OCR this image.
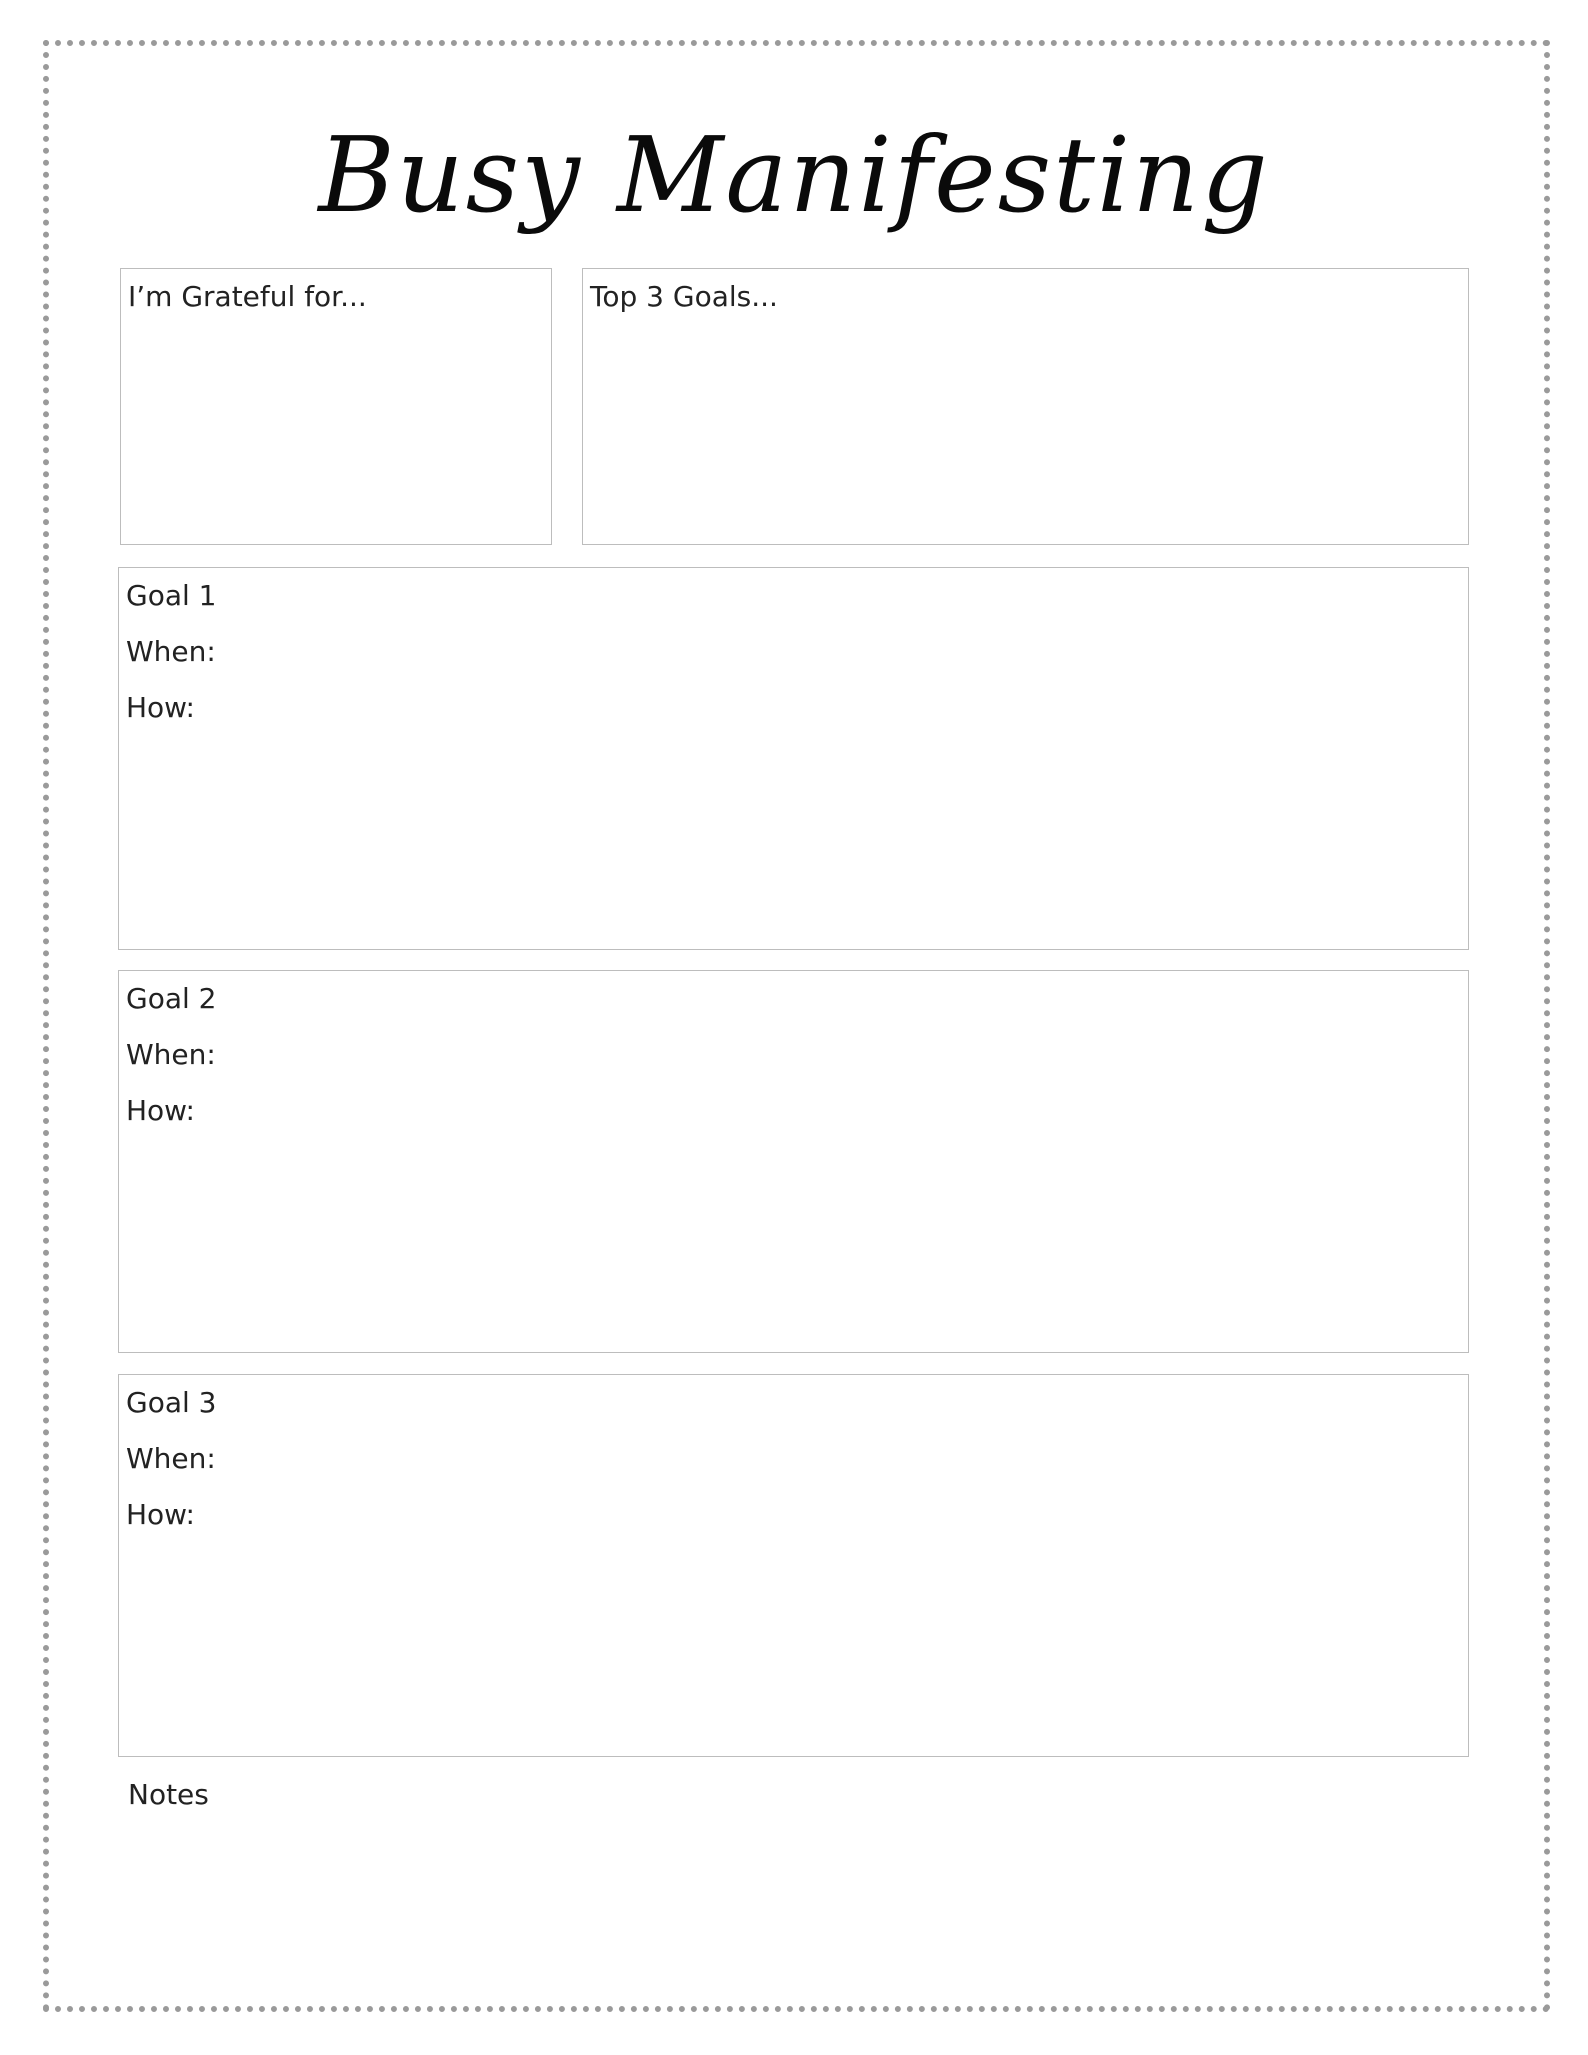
Busy Manifesting
I’m Grateful for...	Top 3 Goals...
Goal 1
When:
How:
Goal 2
When:
How:
Goal 3
When:
How:
Notes
